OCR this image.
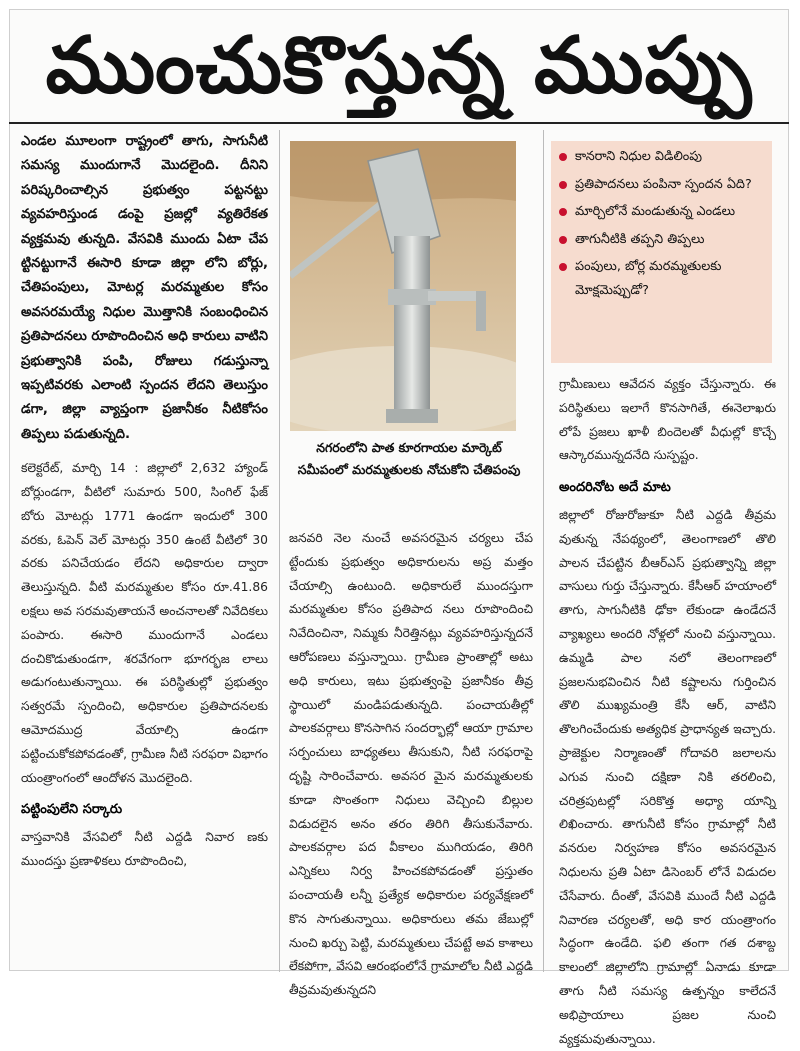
ముంచుకొస్తున్న ముప్పు

ఎండల మూలంగా రాష్ట్రంలో తాగు, సాగునీటి సమస్య ముందుగానే మొదలైంది. దీనిని పరిష్కరించాల్సిన ప్రభుత్వం పట్టనట్టు వ్యవహరిస్తుండ డంపై ప్రజల్లో వ్యతిరేకత వ్యక్తమవు తున్నది. వేసవికి ముందు ఏటా చేప ట్టినట్టుగానే ఈసారి కూడా జిల్లా లోని బోర్లు, చేతిపంపులు, మోటర్ల మరమ్మతుల కోసం అవసరమయ్యే నిధుల మొత్తానికి సంబంధించిన ప్రతిపాదనలు రూపొందించిన అధి కారులు వాటిని ప్రభుత్వానికి పంపి, రోజులు గడుస్తున్నా ఇప్పటివరకు ఎలాంటి స్పందన లేదని తెలుస్తుం డగా, జిల్లా వ్యాప్తంగా ప్రజానీకం నీటికోసం తిప్పలు పడుతున్నది.

కలెక్టరేట్, మార్చి 14 : జిల్లాలో 2,632 హ్యాండ్ బోర్లుండగా, వీటిలో సుమారు 500, సింగిల్ ఫేజ్ బోరు మోటర్లు 1771 ఉండగా ఇందులో 300 వరకు, ఓపెన్ వెల్ మోటర్లు 350 ఉంటే వీటిలో 30 వరకు పనిచేయడం లేదని అధికారుల ద్వారా తెలుస్తున్నది. వీటి మరమ్మతుల కోసం రూ.41.86 లక్షలు అవ సరమవుతాయనే అంచనాలతో నివేదికలు పంపారు. ఈసారి ముందుగానే ఎండలు దంచికొడుతుండగా, శరవేగంగా భూగర్భజ లాలు అడుగంటుతున్నాయి. ఈ పరిస్థితుల్లో ప్రభుత్వం సత్వరమే స్పందించి, అధికారుల ప్రతిపాదనలకు ఆమోదముద్ర వేయాల్సి ఉండగా పట్టించుకోకపోవడంతో, గ్రామీణ నీటి సరఫరా విభాగం యంత్రాంగంలో ఆందోళన మొదలైంది.

పట్టింపులేని సర్కారు

వాస్తవానికి వేసవిలో నీటి ఎద్దడి నివార ణకు ముందస్తు ప్రణాళికలు రూపొందించి,

నగరంలోని పాత కూరగాయల మార్కెట్ సమీపంలో మరమ్మతులకు నోచుకోని చేతిపంపు

జనవరి నెల నుంచే అవసరమైన చర్యలు చేప ట్టేందుకు ప్రభుత్వం అధికారులను అప్ర మత్తం చేయాల్సి ఉంటుంది. అధికారులే ముందస్తుగా మరమ్మతుల కోసం ప్రతిపాద నలు రూపొందించి నివేదించినా, నిమ్మకు నీరెత్తినట్లు వ్యవహరిస్తున్నదనే ఆరోపణలు వస్తున్నాయి. గ్రామీణ ప్రాంతాల్లో అటు అధి కారులు, ఇటు ప్రభుత్వంపై ప్రజానీకం తీవ్ర స్థాయిలో మండిపడుతున్నది. పంచాయతీల్లో పాలకవర్గాలు కొనసాగిన సందర్భాల్లో ఆయా గ్రామాల సర్పంచులు బాధ్యతలు తీసుకుని, నీటి సరఫరాపై దృష్టి సారించేవారు. అవసర మైన మరమ్మతులకు కూడా సొంతంగా నిధులు వెచ్చించి బిల్లుల విడుదలైన అనం తరం తిరిగి తీసుకునేవారు. పాలకవర్గాల పద వీకాలం ముగియడం, తిరిగి ఎన్నికలు నిర్వ హించకపోవడంతో ప్రస్తుతం పంచాయతీ లన్నీ ప్రత్యేక అధికారుల పర్యవేక్షణలో కొన సాగుతున్నాయి. అధికారులు తమ జేబుల్లో నుంచి ఖర్చు పెట్టి, మరమ్మతులు చేపట్టే అవ కాశాలు లేకపోగా, వేసవి ఆరంభంలోనే గ్రామాలోల నీటి ఎద్దడి తీవ్రమవుతున్నదని

కానరాని నిధుల విడిలింపు
ప్రతిపాదనలు పంపినా స్పందన ఏది?
మార్చిలోనే మండుతున్న ఎండలు
తాగునీటికి తప్పని తిప్పలు
పంపులు, బోర్ల మరమ్మతులకు మోక్షమెప్పుడో?

గ్రామీణులు ఆవేదన వ్యక్తం చేస్తున్నారు. ఈ పరిస్థితులు ఇలాగే కొనసాగితే, ఈనెలాఖరు లోపే ప్రజలు ఖాళీ బిందెలతో వీధుల్లో కొచ్చే ఆస్కారమున్నదనేది సుస్పష్టం.

అందరినోట అదే మాట

జిల్లాలో రోజురోజుకూ నీటి ఎద్దడి తీవ్రమ వుతున్న నేపథ్యంలో, తెలంగాణలో తొలి పాలన చేపట్టిన బీఆర్ఎస్ ప్రభుత్వాన్ని జిల్లా వాసులు గుర్తు చేస్తున్నారు. కేసీఆర్ హయాంలో తాగు, సాగునీటికి ఢోకా లేకుండా ఉండేదనే వ్యాఖ్యలు అందరి నోళ్లలో నుంచి వస్తున్నాయి. ఉమ్మడి పాల నలో తెలంగాణలో ప్రజలనుభవించిన నీటి కష్టాలను గుర్తించిన తొలి ముఖ్యమంత్రి కేసీ ఆర్, వాటిని తొలగించేందుకు అత్యధిక ప్రాధాన్యత ఇచ్చారు. ప్రాజెక్టుల నిర్మాణంతో గోదావరి జలాలను ఎగువ నుంచి దక్షిణా నికి తరలించి, చరిత్రపుటల్లో సరికొత్త అధ్యా యాన్ని లిఖించారు. తాగునీటి కోసం గ్రామాల్లో నీటి వనరుల నిర్వహణ కోసం అవసరమైన నిధులను ప్రతి ఏటా డిసెంబర్ లోనే విడుదల చేసేవారు. దీంతో, వేసవికి ముందే నీటి ఎద్దడి నివారణ చర్యలతో, అధి కార యంత్రాంగం సిద్ధంగా ఉండేది. ఫలి తంగా గత దశాబ్ద కాలంలో జిల్లాలోని గ్రామాల్లో ఏనాడు కూడా తాగు నీటి సమస్య ఉత్పన్నం కాలేదనే అభిప్రాయాలు ప్రజల నుంచి వ్యక్తమవుతున్నాయి.
